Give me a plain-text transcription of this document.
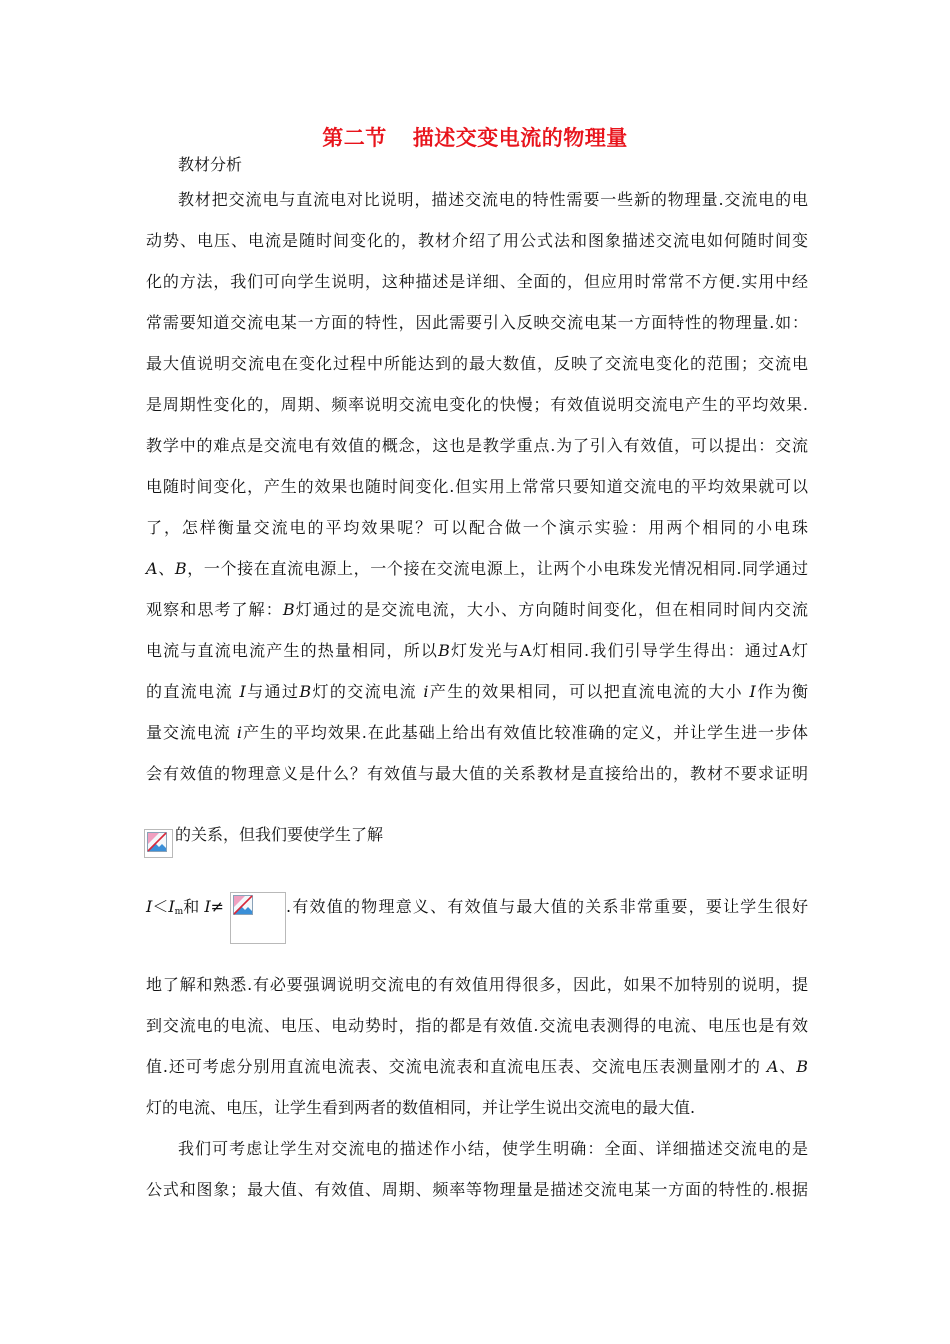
第二节 描述交变电流的物理量
教材分析
教材把交流电与直流电对比说明，描述交流电的特性需要一些新的物理量.交流电的电
动势、电压、电流是随时间变化的，教材介绍了用公式法和图象描述交流电如何随时间变
化的方法，我们可向学生说明，这种描述是详细、全面的，但应用时常常不方便.实用中经
常需要知道交流电某一方面的特性，因此需要引入反映交流电某一方面特性的物理量.如：
最大值说明交流电在变化过程中所能达到的最大数值，反映了交流电变化的范围；交流电
是周期性变化的，周期、频率说明交流电变化的快慢；有效值说明交流电产生的平均效果.
教学中的难点是交流电有效值的概念，这也是教学重点.为了引入有效值，可以提出：交流
电随时间变化，产生的效果也随时间变化.但实用上常常只要知道交流电的平均效果就可以
了，怎样衡量交流电的平均效果呢？可以配合做一个演示实验：用两个相同的小电珠
A、B，一个接在直流电源上，一个接在交流电源上，让两个小电珠发光情况相同.同学通过
观察和思考了解：B灯通过的是交流电流，大小、方向随时间变化，但在相同时间内交流
电流与直流电流产生的热量相同，所以B灯发光与A灯相同.我们引导学生得出：通过A灯
的直流电流 I与通过B灯的交流电流 i产生的效果相同，可以把直流电流的大小 I作为衡
量交流电流 i产生的平均效果.在此基础上给出有效值比较准确的定义，并让学生进一步体
会有效值的物理意义是什么？有效值与最大值的关系教材是直接给出的，教材不要求证明
的关系，但我们要使学生了解
$I<I_m$和 I≠	.有效值的物理意义、有效值与最大值的关系非常重要，要让学生很好
地了解和熟悉.有必要强调说明交流电的有效值用得很多，因此，如果不加特别的说明，提
到交流电的电流、电压、电动势时，指的都是有效值.交流电表测得的电流、电压也是有效
值.还可考虑分别用直流电流表、交流电流表和直流电压表、交流电压表测量刚才的 A、B
灯的电流、电压，让学生看到两者的数值相同，并让学生说出交流电的最大值.
我们可考虑让学生对交流电的描述作小结，使学生明确：全面、详细描述交流电的是
公式和图象；最大值、有效值、周期、频率等物理量是描述交流电某一方面的特性的.根据
